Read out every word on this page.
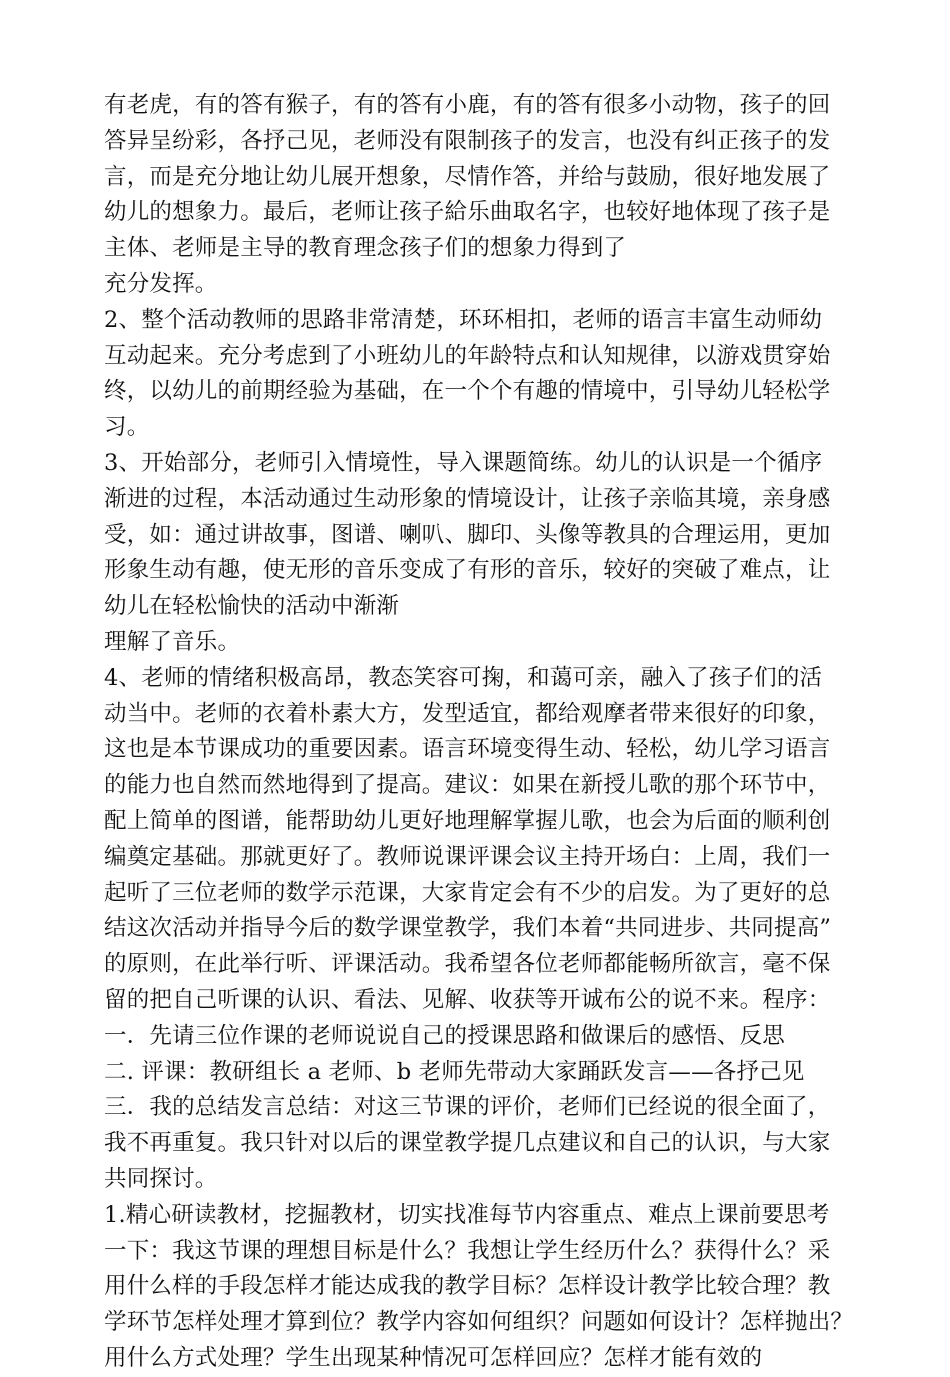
有老虎，有的答有猴子，有的答有小鹿，有的答有很多小动物，孩子的回
答异呈纷彩，各抒己见，老师没有限制孩子的发言，也没有纠正孩子的发
言，而是充分地让幼儿展开想象，尽情作答，并给与鼓励，很好地发展了
幼儿的想象力。最后，老师让孩子給乐曲取名字，也较好地体现了孩子是
主体、老师是主导的教育理念孩子们的想象力得到了
充分发挥。
2、整个活动教师的思路非常清楚，环环相扣，老师的语言丰富生动师幼
互动起来。充分考虑到了小班幼儿的年龄特点和认知规律，以游戏贯穿始
终，以幼儿的前期经验为基础，在一个个有趣的情境中，引导幼儿轻松学
习。
3、开始部分，老师引入情境性，导入课题简练。幼儿的认识是一个循序
渐进的过程，本活动通过生动形象的情境设计，让孩子亲临其境，亲身感
受，如：通过讲故事，图谱、喇叭、脚印、头像等教具的合理运用，更加
形象生动有趣，使无形的音乐变成了有形的音乐，较好的突破了难点，让
幼儿在轻松愉快的活动中渐渐
理解了音乐。
4、老师的情绪积极高昂，教态笑容可掬，和蔼可亲，融入了孩子们的活
动当中。老师的衣着朴素大方，发型适宜，都给观摩者带来很好的印象，
这也是本节课成功的重要因素。语言环境变得生动、轻松，幼儿学习语言
的能力也自然而然地得到了提高。建议：如果在新授儿歌的那个环节中，
配上简单的图谱，能帮助幼儿更好地理解掌握儿歌，也会为后面的顺利创
编奠定基础。那就更好了。教师说课评课会议主持开场白：上周，我们一
起听了三位老师的数学示范课，大家肯定会有不少的启发。为了更好的总
结这次活动并指导今后的数学课堂教学，我们本着“共同进步、共同提高”
的原则，在此举行听、评课活动。我希望各位老师都能畅所欲言，毫不保
留的把自己听课的认识、看法、见解、收获等开诚布公的说不来。程序：
一．先请三位作课的老师说说自己的授课思路和做课后的感悟、反思
二. 评课：教研组长 a 老师、b 老师先带动大家踊跃发言——各抒己见
三．我的总结发言总结：对这三节课的评价，老师们已经说的很全面了，
我不再重复。我只针对以后的课堂教学提几点建议和自己的认识，与大家
共同探讨。
1.精心研读教材，挖掘教材，切实找准每节内容重点、难点上课前要思考
一下：我这节课的理想目标是什么？我想让学生经历什么？获得什么？采
用什么样的手段怎样才能达成我的教学目标？怎样设计教学比较合理？教
学环节怎样处理才算到位？教学内容如何组织？问题如何设计？怎样抛出？
用什么方式处理？学生出现某种情况可怎样回应？怎样才能有效的
